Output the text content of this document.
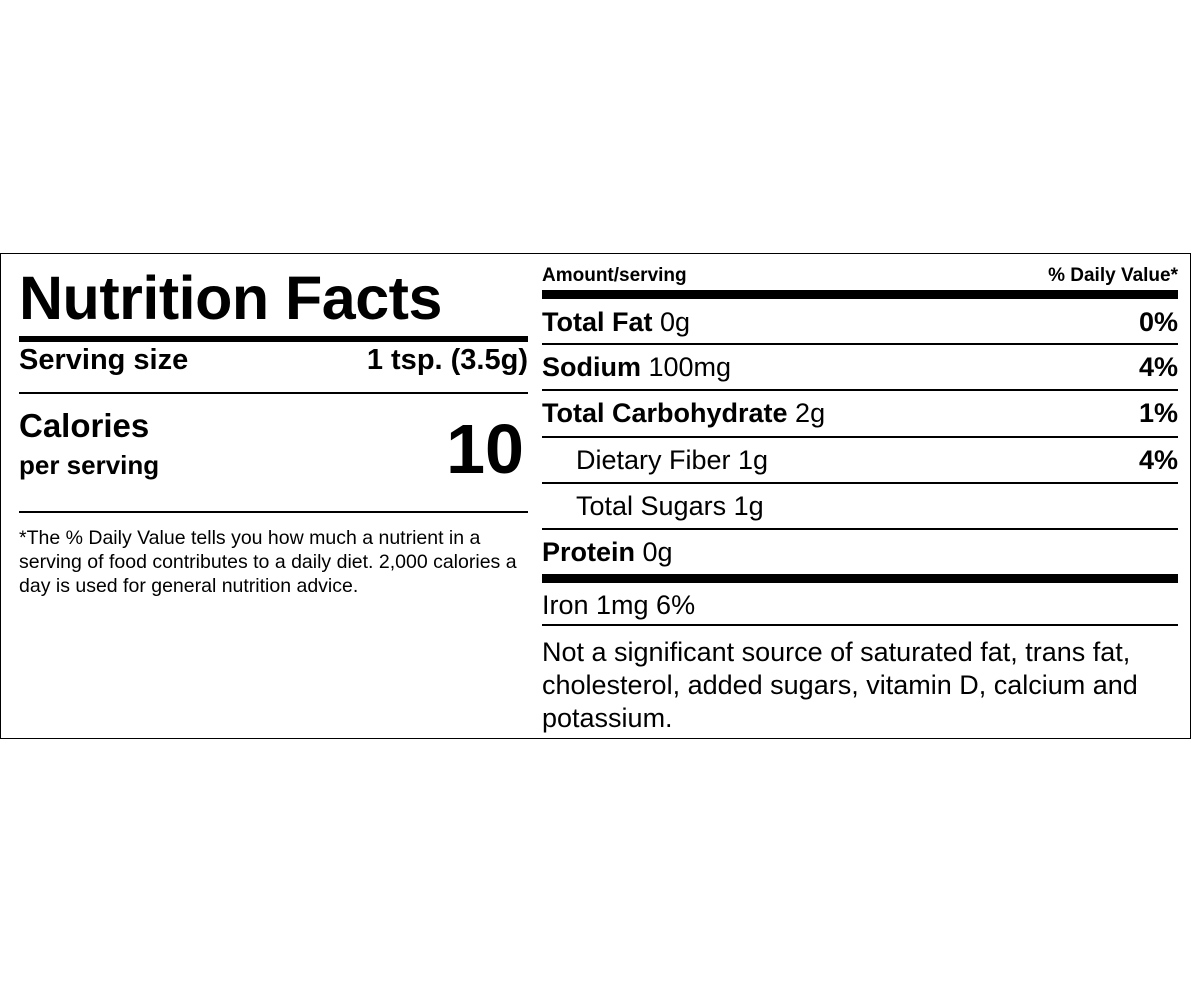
Nutrition Facts
Serving size	1 tsp. (3.5g)
Calories
per serving	10
*The % Daily Value tells you how much a nutrient in a serving of food contributes to a daily diet. 2,000 calories a day is used for general nutrition advice.
Amount/serving	% Daily Value*
Total Fat 0g	0%
Sodium 100mg	4%
Total Carbohydrate 2g	1%
Dietary Fiber 1g	4%
Total Sugars 1g
Protein 0g
Iron 1mg 6%
Not a significant source of saturated fat, trans fat, cholesterol, added sugars, vitamin D, calcium and potassium.
